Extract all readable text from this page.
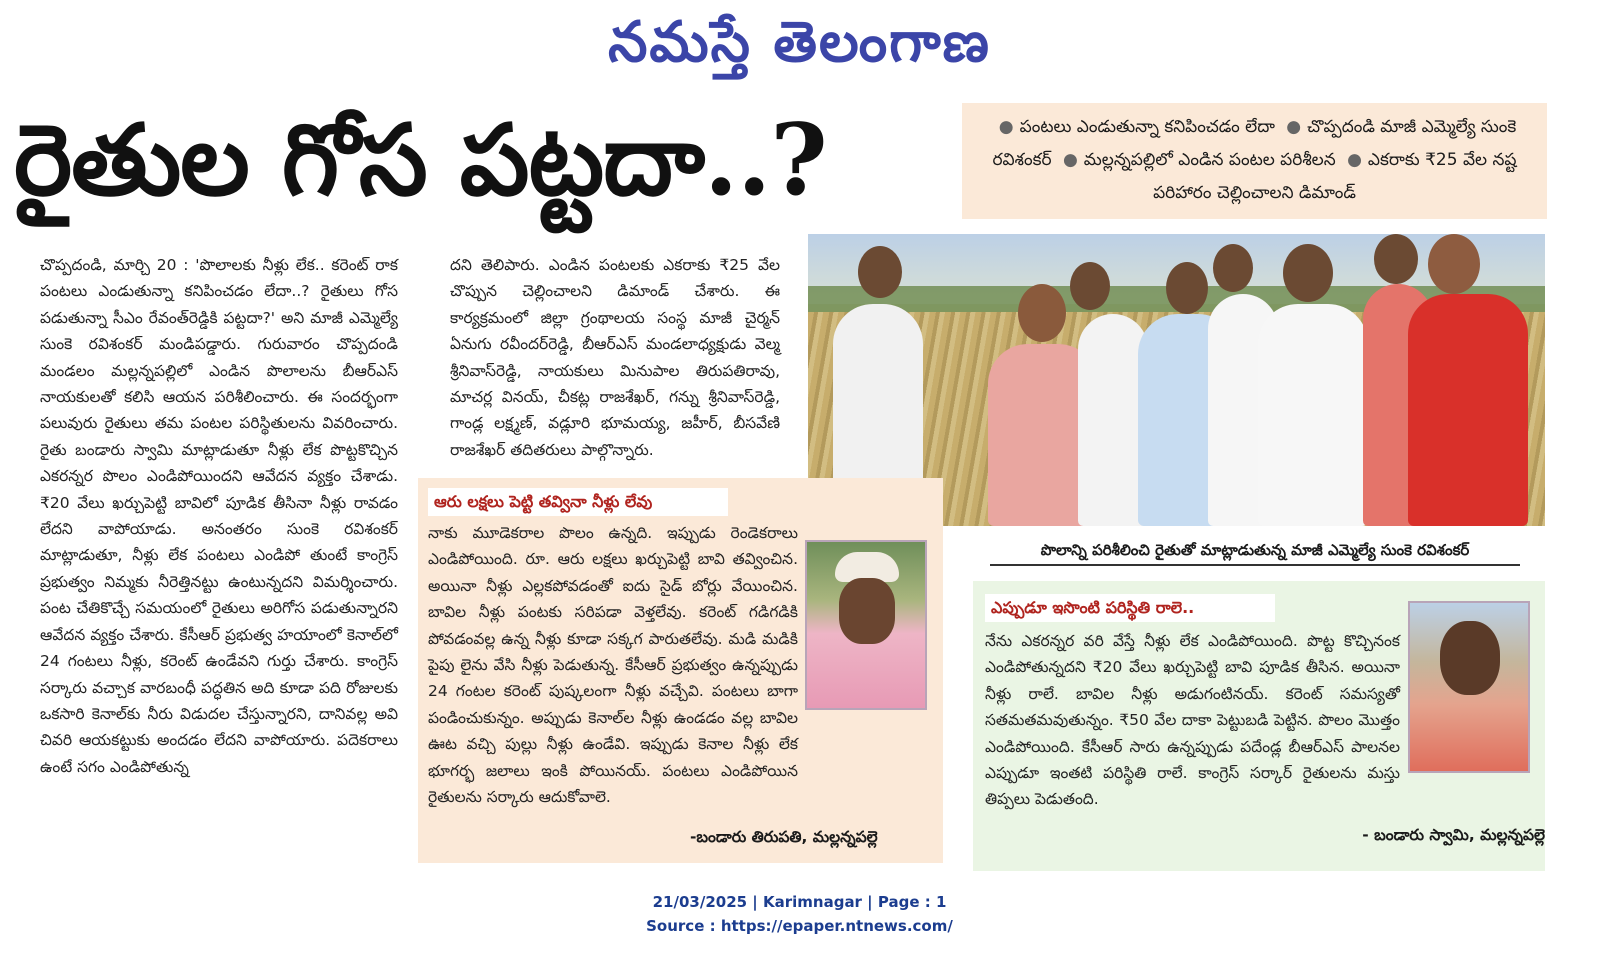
నమస్తే తెలంగాణ
రైతుల గోస పట్టదా..?	● పంటలు ఎండుతున్నా కనిపించడం లేదా ● చొప్పదండి మాజీ ఎమ్మెల్యే సుంకె రవిశంకర్ ● మల్లన్నపల్లిలో ఎండిన పంటల పరిశీలన ● ఎకరాకు ₹25 వేల నష్ట పరిహారం చెల్లించాలని డిమాండ్

చొప్పదండి, మార్చి 20 : 'పొలాలకు నీళ్లు లేక.. కరెంట్ రాక పంటలు ఎండుతున్నా కనిపించడం లేదా..? రైతులు గోస పడుతున్నా సీఎం రేవంత్‌రెడ్డికి పట్టదా?' అని మాజీ ఎమ్మెల్యే సుంకె రవిశంకర్ మండిపడ్డారు. గురువారం చొప్పదండి మండలం మల్లన్నపల్లిలో ఎండిన పొలాలను బీఆర్‌ఎస్ నాయకులతో కలిసి ఆయన పరిశీలించారు. ఈ సందర్భంగా పలువురు రైతులు తమ పంటల పరిస్థితులను వివరించారు. రైతు బండారు స్వామి మాట్లాడుతూ నీళ్లు లేక పొట్టకొచ్చిన ఎకరన్నర పొలం ఎండిపోయిందని ఆవేదన వ్యక్తం చేశాడు. ₹20 వేలు ఖర్చుపెట్టి బావిలో పూడిక తీసినా నీళ్లు రావడం లేదని వాపోయాడు. అనంతరం సుంకె రవిశంకర్ మాట్లాడుతూ, నీళ్లు లేక పంటలు ఎండిపో తుంటే కాంగ్రెస్ ప్రభుత్వం నిమ్మకు నీరెత్తినట్టు ఉంటున్నదని విమర్శించారు. పంట చేతికొచ్చే సమయంలో రైతులు అరిగోస పడుతున్నారని ఆవేదన వ్యక్తం చేశారు. కేసీఆర్ ప్రభుత్వ హయాంలో కెనాల్‌లో 24 గంటలు నీళ్లు, కరెంట్ ఉండేవని గుర్తు చేశారు. కాంగ్రెస్ సర్కారు వచ్చాక వారబంధీ పద్ధతిన అది కూడా పది రోజులకు ఒకసారి కెనాల్‌కు నీరు విడుదల చేస్తున్నారని, దానివల్ల అవి చివరి ఆయకట్టుకు అందడం లేదని వాపోయారు. పదెకరాలు ఉంటే సగం ఎండిపోతున్న

దని తెలిపారు. ఎండిన పంటలకు ఎకరాకు ₹25 వేల చొప్పున చెల్లించాలని డిమాండ్ చేశారు. ఈ కార్యక్రమంలో జిల్లా గ్రంథాలయ సంస్థ మాజీ చైర్మన్ ఏనుగు రవీందర్‌రెడ్డి, బీఆర్‌ఎస్ మండలాధ్యక్షుడు వెల్మ శ్రీనివాస్‌రెడ్డి, నాయకులు మినుపాల తిరుపతిరావు, మాచర్ల వినయ్, చీకట్ల రాజశేఖర్, గన్ను శ్రీనివాస్‌రెడ్డి, గాండ్ల లక్ష్మణ్, వడ్లూరి భూమయ్య, జహీర్, బీసవేణి రాజశేఖర్ తదితరులు పాల్గొన్నారు.

పొలాన్ని పరిశీలించి రైతుతో మాట్లాడుతున్న మాజీ ఎమ్మెల్యే సుంకె రవిశంకర్
ఆరు లక్షలు పెట్టి తవ్వినా నీళ్లు లేవు

నాకు మూడెకరాల పొలం ఉన్నది. ఇప్పుడు రెండెకరాలు ఎండిపోయింది. రూ. ఆరు లక్షలు ఖర్చుపెట్టి బావి తవ్వించిన. అయినా నీళ్లు ఎల్లకపోవడంతో ఐదు సైడ్ బోర్లు వేయించిన. బావిల నీళ్లు పంటకు సరిపడా వెళ్తలేవు. కరెంట్ గడిగడికి పోవడంవల్ల ఉన్న నీళ్లు కూడా సక్కగ పారుతలేవు. మడి మడికి పైపు లైను వేసి నీళ్లు పెడుతున్న. కేసీఆర్ ప్రభుత్వం ఉన్నప్పుడు 24 గంటల కరెంట్ పుష్కలంగా నీళ్లు వచ్చేవి. పంటలు బాగా పండించుకున్నం. అప్పుడు కెనాల్‌ల నీళ్లు ఉండడం వల్ల బావిల ఊట వచ్చి పుల్లు నీళ్లు ఉండేవి. ఇప్పుడు కెనాల నీళ్లు లేక భూగర్భ జలాలు ఇంకి పోయినయ్. పంటలు ఎండిపోయిన రైతులను సర్కారు ఆదుకోవాలె.

-బండారు తిరుపతి, మల్లన్నపల్లె
ఎప్పుడూ ఇసొంటి పరిస్థితి రాలె..

నేను ఎకరన్నర వరి వేస్తే నీళ్లు లేక ఎండిపోయింది. పొట్ట కొచ్చినంక ఎండిపోతున్నదని ₹20 వేలు ఖర్చుపెట్టి బావి పూడిక తీసిన. అయినా నీళ్లు రాలే. బావిల నీళ్లు అడుగంటినయ్. కరెంట్ సమస్యతో సతమతమవుతున్నం. ₹50 వేల దాకా పెట్టుబడి పెట్టిన. పొలం మొత్తం ఎండిపోయింది. కేసీఆర్ సారు ఉన్నప్పుడు పదేండ్ల బీఆర్‌ఎస్ పాలనల ఎప్పుడూ ఇంతటి పరిస్థితి రాలే. కాంగ్రెస్ సర్కార్ రైతులను మస్తు తిప్పలు పెడుతంది.

- బండారు స్వామి, మల్లన్నపల్లె
21/03/2025 | Karimnagar | Page : 1
Source : https://epaper.ntnews.com/
